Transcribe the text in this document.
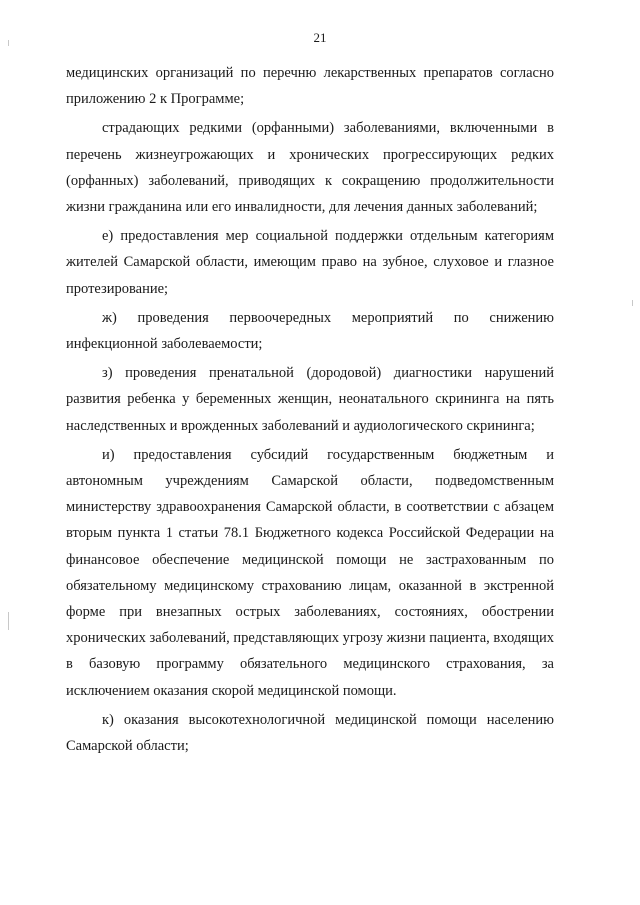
21

медицинских организаций по перечню лекарственных препаратов согласно приложению 2 к Программе;

страдающих редкими (орфанными) заболеваниями, включенными в перечень жизнеугрожающих и хронических прогрессирующих редких (орфанных) заболеваний, приводящих к сокращению продолжительности жизни гражданина или его инвалидности, для лечения данных заболеваний;

е) предоставления мер социальной поддержки отдельным категориям жителей Самарской области, имеющим право на зубное, слуховое и глазное протезирование;

ж) проведения первоочередных мероприятий по снижению инфекционной заболеваемости;

з) проведения пренатальной (дородовой) диагностики нарушений развития ребенка у беременных женщин, неонатального скрининга на пять наследственных и врожденных заболеваний и аудиологического скрининга;

и) предоставления субсидий государственным бюджетным и автономным учреждениям Самарской области, подведомственным министерству здравоохранения Самарской области, в соответствии с абзацем вторым пункта 1 статьи 78.1 Бюджетного кодекса Российской Федерации на финансовое обеспечение медицинской помощи не застрахованным по обязательному медицинскому страхованию лицам, оказанной в экстренной форме при внезапных острых заболеваниях, состояниях, обострении хронических заболеваний, представляющих угрозу жизни пациента, входящих в базовую программу обязательного медицинского страхования, за исключением оказания скорой медицинской помощи.

к) оказания высокотехнологичной медицинской помощи населению Самарской области;
